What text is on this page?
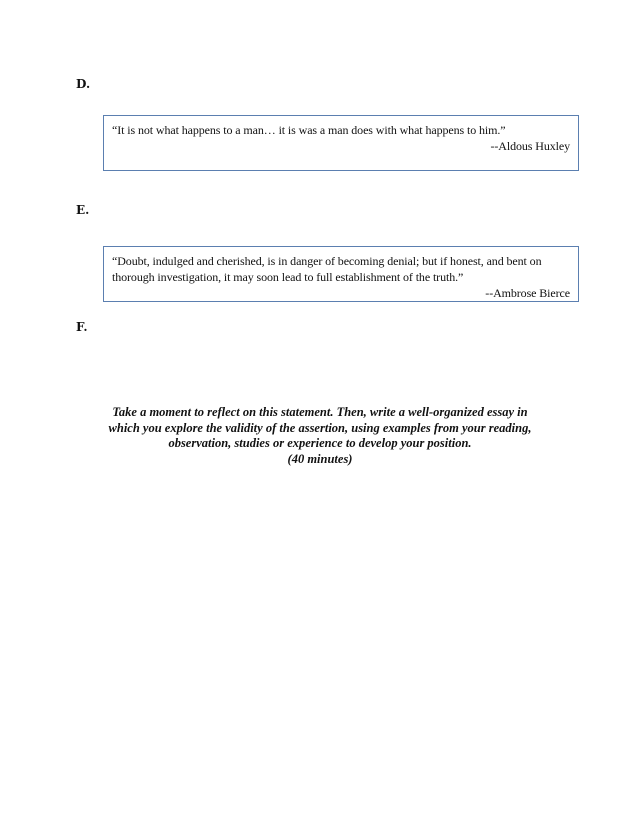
D.
“It is not what happens to a man… it is was a man does with what happens to him.”
--Aldous Huxley
E.
“Doubt, indulged and cherished, is in danger of becoming denial; but if honest, and bent on thorough investigation, it may soon lead to full establishment of the truth.”
--Ambrose Bierce
F.
Take a moment to reflect on this statement. Then, write a well-organized essay in
which you explore the validity of the assertion, using examples from your reading,
observation, studies or experience to develop your position.
(40 minutes)
